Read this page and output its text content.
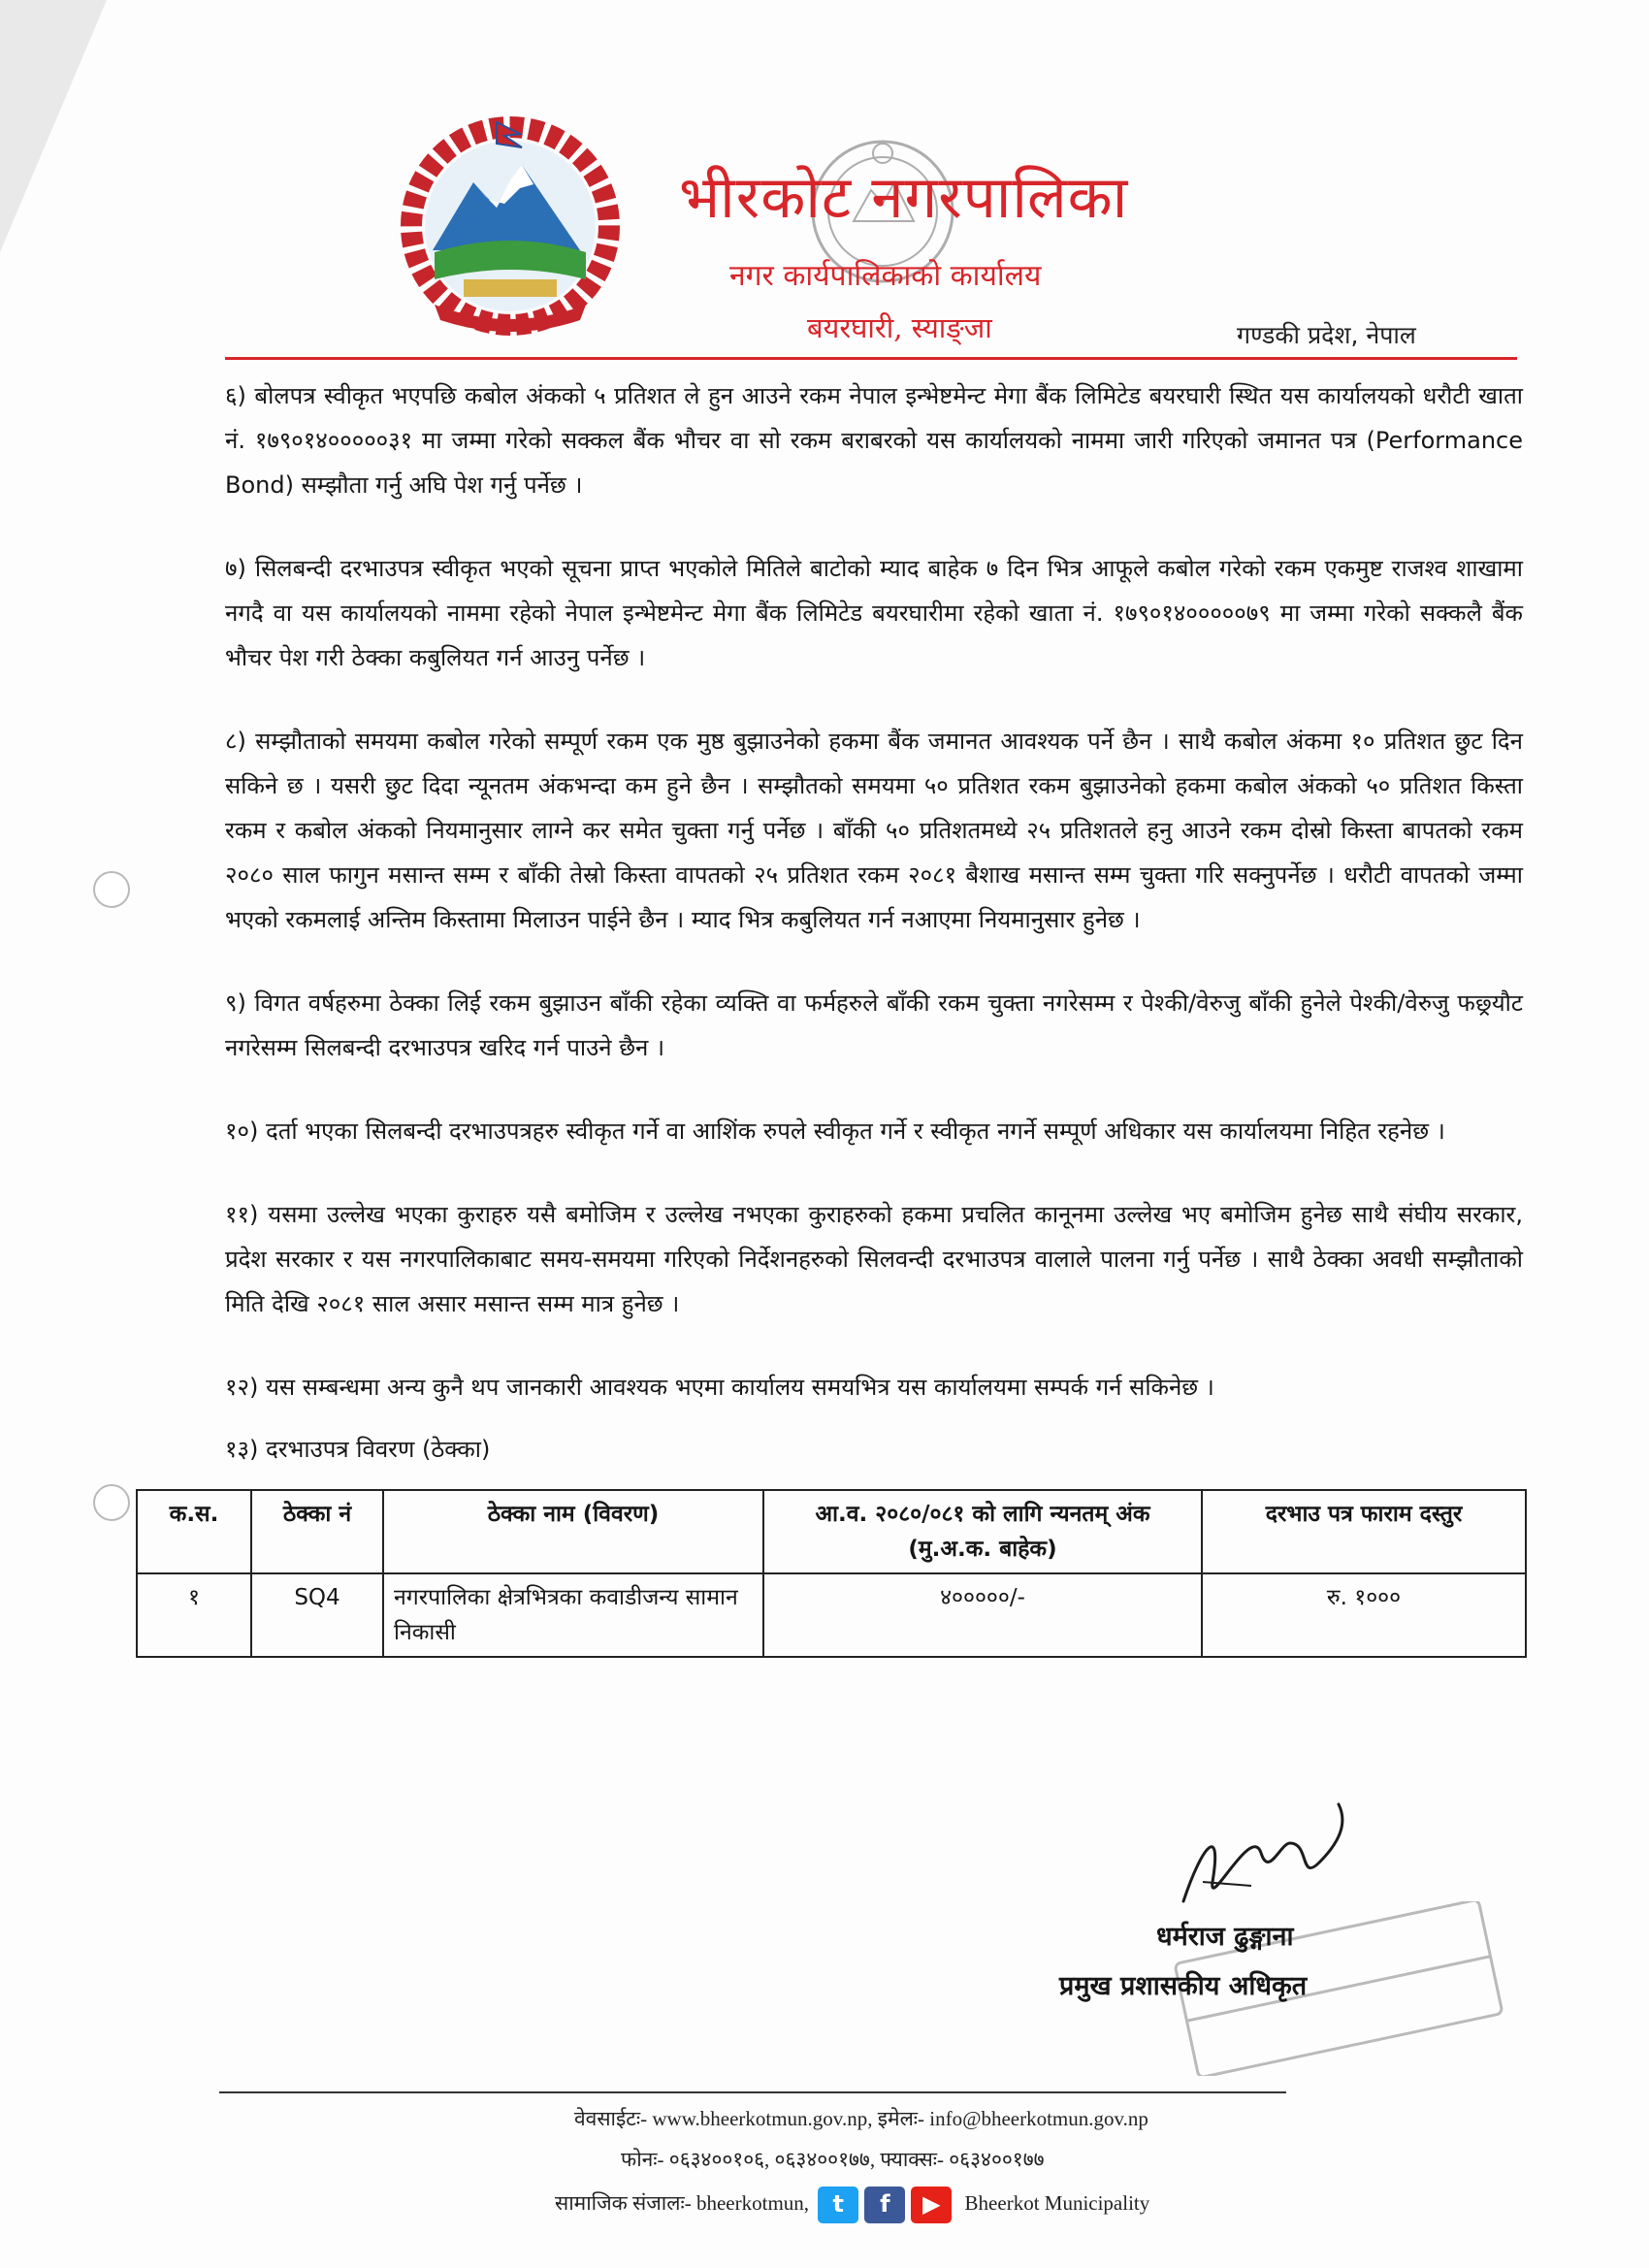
भीरकोट नगरपालिका
नगर कार्यपालिकाको कार्यालय
बयरघारी, स्याङ्जा	गण्डकी प्रदेश, नेपाल

६) बोलपत्र स्वीकृत भएपछि कबोल अंकको ५ प्रतिशत ले हुन आउने रकम नेपाल इन्भेष्टमेन्ट मेगा बैंक लिमिटेड बयरघारी स्थित यस कार्यालयको धरौटी खाता नं. १७९०१४०००००३१ मा जम्मा गरेको सक्कल बैंक भौचर वा सो रकम बराबरको यस कार्यालयको नाममा जारी गरिएको जमानत पत्र (Performance Bond) सम्झौता गर्नु अघि पेश गर्नु पर्नेछ ।

७) सिलबन्दी दरभाउपत्र स्वीकृत भएको सूचना प्राप्त भएकोले मितिले बाटोको म्याद बाहेक ७ दिन भित्र आफूले कबोल गरेको रकम एकमुष्ट राजश्व शाखामा नगदै वा यस कार्यालयको नाममा रहेको नेपाल इन्भेष्टमेन्ट मेगा बैंक लिमिटेड बयरघारीमा रहेको खाता नं. १७९०१४०००००७९ मा जम्मा गरेको सक्कलै बैंक भौचर पेश गरी ठेक्का कबुलियत गर्न आउनु पर्नेछ ।

८) सम्झौताको समयमा कबोल गरेको सम्पूर्ण रकम एक मुष्ठ बुझाउनेको हकमा बैंक जमानत आवश्यक पर्ने छैन । साथै कबोल अंकमा १० प्रतिशत छुट दिन सकिने छ । यसरी छुट दिदा न्यूनतम अंकभन्दा कम हुने छैन । सम्झौतको समयमा ५० प्रतिशत रकम बुझाउनेको हकमा कबोल अंकको ५० प्रतिशत किस्ता रकम र कबोल अंकको नियमानुसार लाग्ने कर समेत चुक्ता गर्नु पर्नेछ । बाँकी ५० प्रतिशतमध्ये २५ प्रतिशतले हनु आउने रकम दोस्रो किस्ता बापतको रकम २०८० साल फागुन मसान्त सम्म र बाँकी तेस्रो किस्ता वापतको २५ प्रतिशत रकम २०८१ बैशाख मसान्त सम्म चुक्ता गरि सक्नुपर्नेछ । धरौटी वापतको जम्मा भएको रकमलाई अन्तिम किस्तामा मिलाउन पाईने छैन । म्याद भित्र कबुलियत गर्न नआएमा नियमानुसार हुनेछ ।

९) विगत वर्षहरुमा ठेक्का लिई रकम बुझाउन बाँकी रहेका व्यक्ति वा फर्महरुले बाँकी रकम चुक्ता नगरेसम्म र पेश्की/वेरुजु बाँकी हुनेले पेश्की/वेरुजु फछ्र्यौट नगरेसम्म सिलबन्दी दरभाउपत्र खरिद गर्न पाउने छैन ।

१०) दर्ता भएका सिलबन्दी दरभाउपत्रहरु स्वीकृत गर्ने वा आशिंक रुपले स्वीकृत गर्ने र स्वीकृत नगर्ने सम्पूर्ण अधिकार यस कार्यालयमा निहित रहनेछ ।

११) यसमा उल्लेख भएका कुराहरु यसै बमोजिम र उल्लेख नभएका कुराहरुको हकमा प्रचलित कानूनमा उल्लेख भए बमोजिम हुनेछ साथै संघीय सरकार, प्रदेश सरकार र यस नगरपालिकाबाट समय-समयमा गरिएको निर्देशनहरुको सिलवन्दी दरभाउपत्र वालाले पालना गर्नु पर्नेछ । साथै ठेक्का अवधी सम्झौताको मिति देखि २०८१ साल असार मसान्त सम्म मात्र हुनेछ ।

१२) यस सम्बन्धमा अन्य कुनै थप जानकारी आवश्यक भएमा कार्यालय समयभित्र यस कार्यालयमा सम्पर्क गर्न सकिनेछ ।

१३) दरभाउपत्र विवरण (ठेक्का)

क.स.	ठेक्का नं	ठेक्का नाम (विवरण)	आ.व. २०८०/०८१ को लागि न्यनतम् अंक (मु.अ.क. बाहेक)	दरभाउ पत्र फाराम दस्तुर
१	SQ4	नगरपालिका क्षेत्रभित्रका कवाडीजन्य सामान निकासी	४०००००/-	रु. १०००
धर्मराज ढुङ्गाना
प्रमुख प्रशासकीय अधिकृत
वेवसाईटः- www.bheerkotmun.gov.np, इमेलः- info@bheerkotmun.gov.np
फोनः- ०६३४००१०६, ०६३४००१७७, फ्याक्सः- ०६३४००१७७
सामाजिक संजालः- bheerkotmun,	t	f	▶	Bheerkot Municipality
